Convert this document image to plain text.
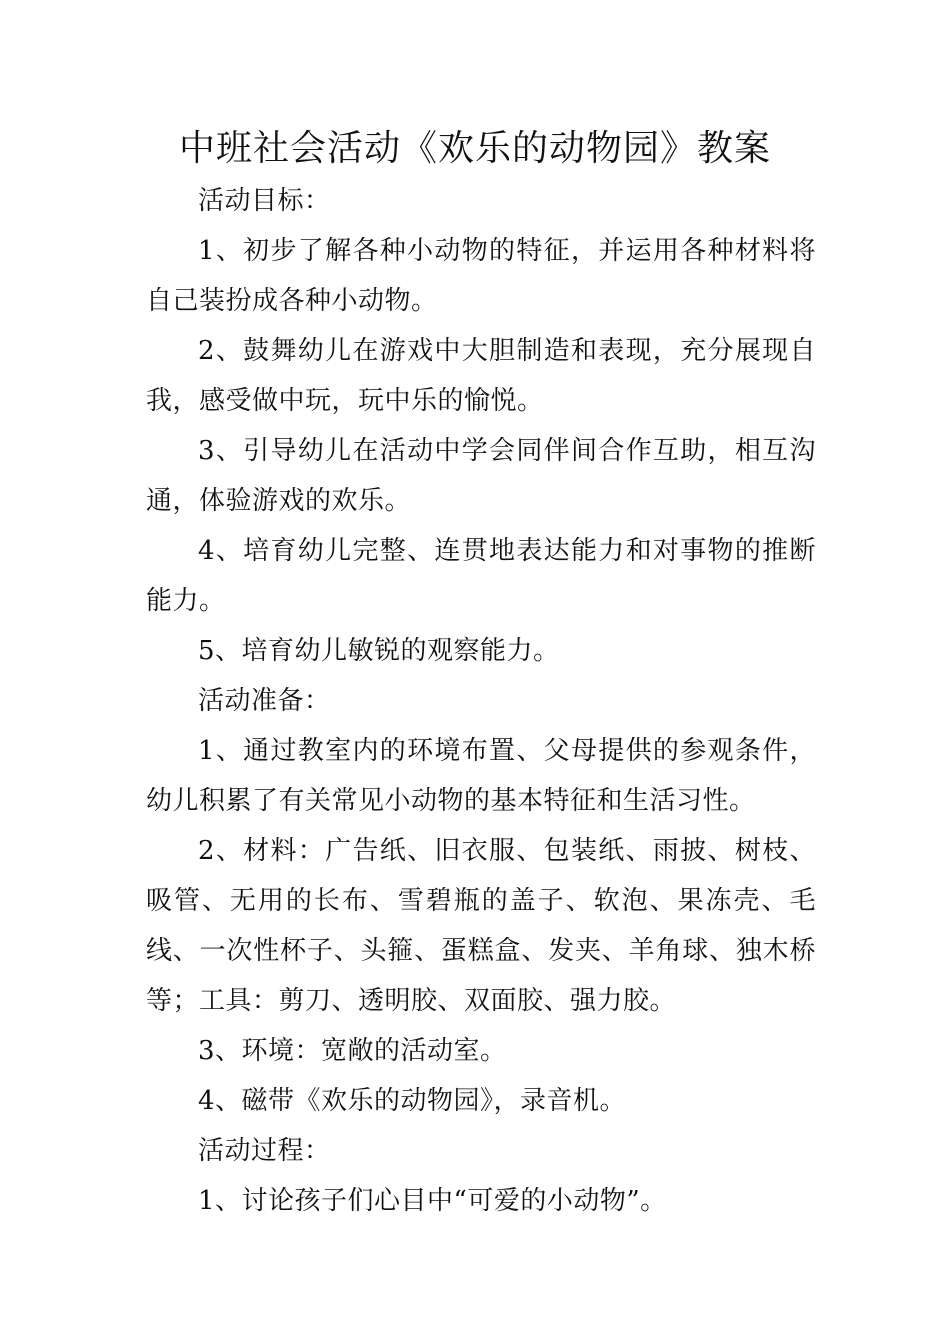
中班社会活动《欢乐的动物园》教案

活动目标：

1、初步了解各种小动物的特征，并运用各种材料将自己装扮成各种小动物。

2、鼓舞幼儿在游戏中大胆制造和表现，充分展现自我，感受做中玩，玩中乐的愉悦。

3、引导幼儿在活动中学会同伴间合作互助，相互沟通，体验游戏的欢乐。

4、培育幼儿完整、连贯地表达能力和对事物的推断能力。

5、培育幼儿敏锐的观察能力。

活动准备：

1、通过教室内的环境布置、父母提供的参观条件，幼儿积累了有关常见小动物的基本特征和生活习性。

2、材料：广告纸、旧衣服、包装纸、雨披、树枝、吸管、无用的长布、雪碧瓶的盖子、软泡、果冻壳、毛线、一次性杯子、头箍、蛋糕盒、发夹、羊角球、独木桥等；工具：剪刀、透明胶、双面胶、强力胶。

3、环境：宽敞的活动室。

4、磁带《欢乐的动物园》，录音机。

活动过程：

1、讨论孩子们心目中“可爱的小动物”。
